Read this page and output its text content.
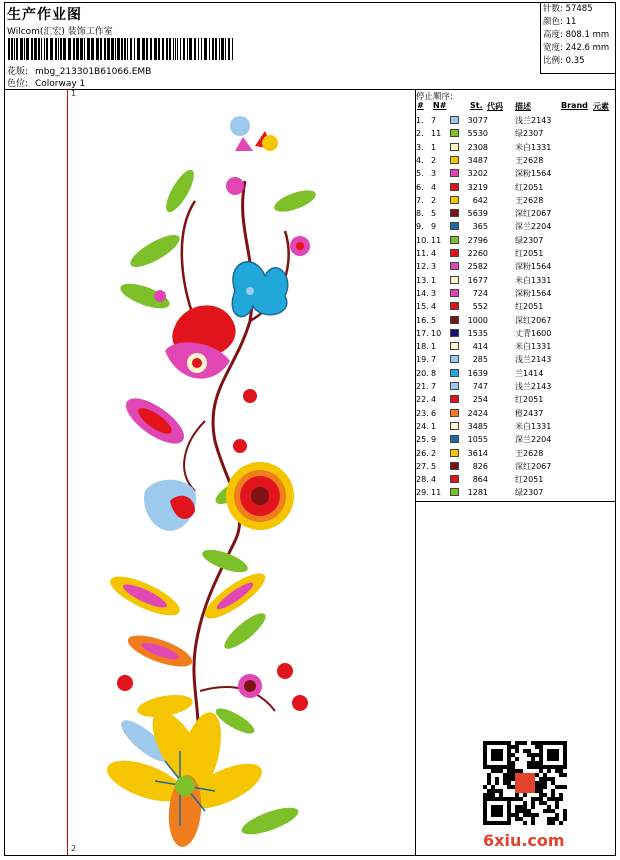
生产作业图
Wilcom(汇宏) 装饰工作室
花版: mbg_213301B61066.EMB
色位: Colorway 1
针数: 57485
颜色: 11
高度: 808.1 mm
宽度: 242.6 mm
比例: 0.35
1
2
停止顺序:
# N#	St. 代码 描述	Brand 元素
1. 7	3077	浅兰2143
2. 11	5530	绿2307
3. 1	2308	米白1331
4. 2	3487	王2628
5. 3	3202	深粉1564
6. 4	3219	红2051
7. 2	642	王2628
8. 5	5639	深红2067
9. 9	365	深兰2204
10. 11	2796	绿2307
11. 4	2260	红2051
12. 3	2582	深粉1564
13. 1	1677	米白1331
14. 3	724	深粉1564
15. 4	552	红2051
16. 5	1000	深红2067
17. 10	1535	丈青1600
18. 1	414	米白1331
19. 7	285	浅兰2143
20. 8	1639	兰1414
21. 7	747	浅兰2143
22. 4	254	红2051
23. 6	2424	橙2437
24. 1	3485	米白1331
25. 9	1055	深兰2204
26. 2	3614	王2628
27. 5	826	深红2067
28. 4	864	红2051
29. 11	1281	绿2307
6xiu.com
